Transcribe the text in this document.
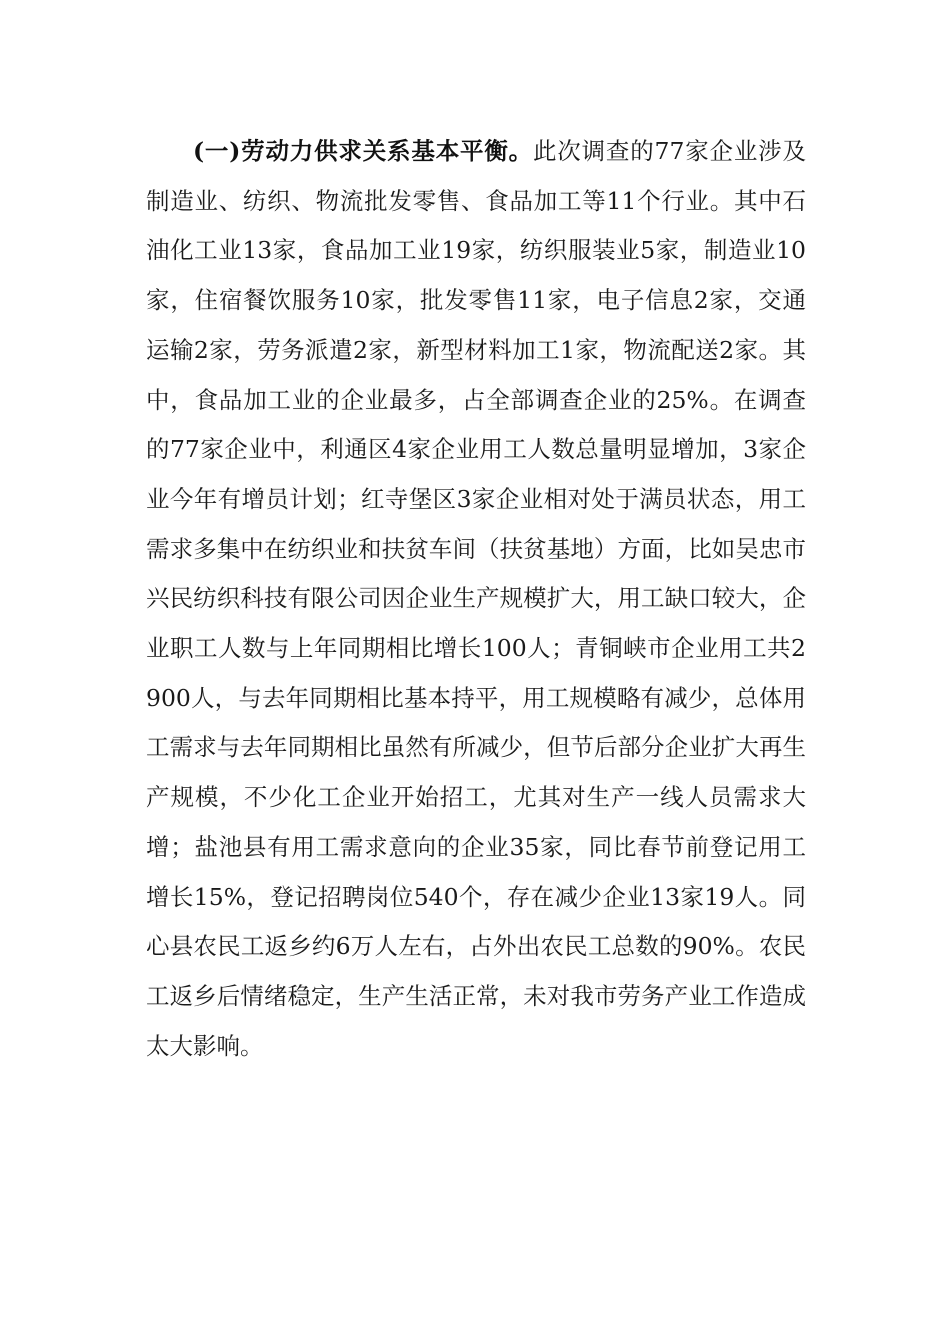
(一)劳动力供求关系基本平衡。此次调查的77家企业涉及制造业、纺织、物流批发零售、食品加工等11个行业。其中石油化工业13家，食品加工业19家，纺织服装业5家，制造业10家，住宿餐饮服务10家，批发零售11家，电子信息2家，交通运输2家，劳务派遣2家，新型材料加工1家，物流配送2家。其中，食品加工业的企业最多，占全部调查企业的25%。在调查的77家企业中，利通区4家企业用工人数总量明显增加，3家企业今年有增员计划；红寺堡区3家企业相对处于满员状态，用工需求多集中在纺织业和扶贫车间（扶贫基地）方面，比如吴忠市兴民纺织科技有限公司因企业生产规模扩大，用工缺口较大，企业职工人数与上年同期相比增长100人；青铜峡市企业用工共2900人，与去年同期相比基本持平，用工规模略有减少，总体用工需求与去年同期相比虽然有所减少，但节后部分企业扩大再生产规模，不少化工企业开始招工，尤其对生产一线人员需求大增；盐池县有用工需求意向的企业35家，同比春节前登记用工增长15%，登记招聘岗位540个，存在减少企业13家19人。同心县农民工返乡约6万人左右，占外出农民工总数的90%。农民工返乡后情绪稳定，生产生活正常，未对我市劳务产业工作造成太大影响。
